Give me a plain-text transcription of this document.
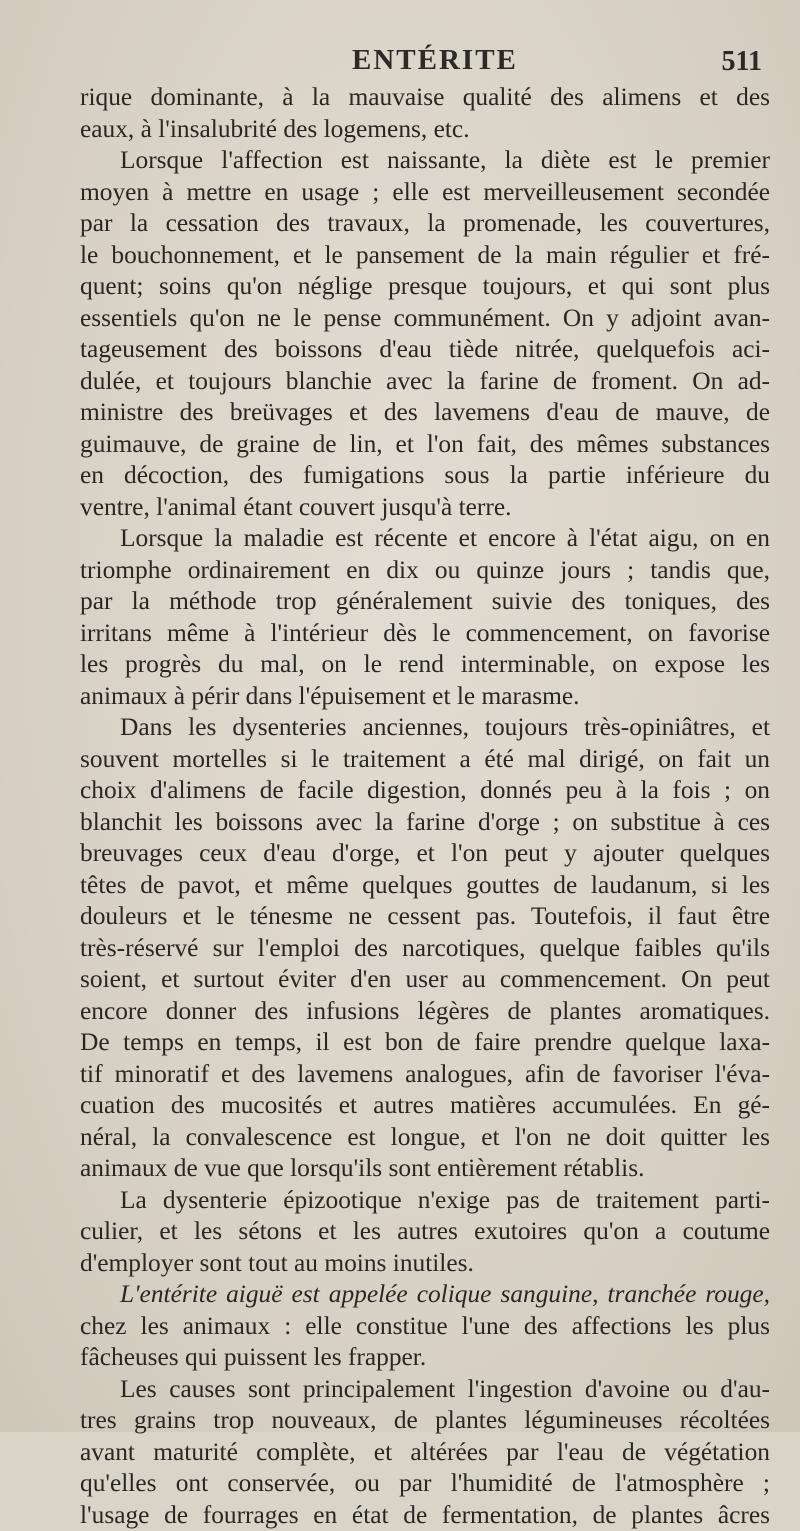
ENTÉRITE	511

rique dominante, à la mauvaise qualité des alimens et des
eaux, à l'insalubrité des logemens, etc.

Lorsque l'affection est naissante, la diète est le premier
moyen à mettre en usage ; elle est merveilleusement secondée
par la cessation des travaux, la promenade, les couvertures,
le bouchonnement, et le pansement de la main régulier et fré-
quent; soins qu'on néglige presque toujours, et qui sont plus
essentiels qu'on ne le pense communément. On y adjoint avan-
tageusement des boissons d'eau tiède nitrée, quelquefois aci-
dulée, et toujours blanchie avec la farine de froment. On ad-
ministre des breüvages et des lavemens d'eau de mauve, de
guimauve, de graine de lin, et l'on fait, des mêmes substances
en décoction, des fumigations sous la partie inférieure du
ventre, l'animal étant couvert jusqu'à terre.

Lorsque la maladie est récente et encore à l'état aigu, on en
triomphe ordinairement en dix ou quinze jours ; tandis que,
par la méthode trop généralement suivie des toniques, des
irritans même à l'intérieur dès le commencement, on favorise
les progrès du mal, on le rend interminable, on expose les
animaux à périr dans l'épuisement et le marasme.

Dans les dysenteries anciennes, toujours très-opiniâtres, et
souvent mortelles si le traitement a été mal dirigé, on fait un
choix d'alimens de facile digestion, donnés peu à la fois ; on
blanchit les boissons avec la farine d'orge ; on substitue à ces
breuvages ceux d'eau d'orge, et l'on peut y ajouter quelques
têtes de pavot, et même quelques gouttes de laudanum, si les
douleurs et le ténesme ne cessent pas. Toutefois, il faut être
très-réservé sur l'emploi des narcotiques, quelque faibles qu'ils
soient, et surtout éviter d'en user au commencement. On peut
encore donner des infusions légères de plantes aromatiques.
De temps en temps, il est bon de faire prendre quelque laxa-
tif minoratif et des lavemens analogues, afin de favoriser l'éva-
cuation des mucosités et autres matières accumulées. En gé-
néral, la convalescence est longue, et l'on ne doit quitter les
animaux de vue que lorsqu'ils sont entièrement rétablis.

La dysenterie épizootique n'exige pas de traitement parti-
culier, et les sétons et les autres exutoires qu'on a coutume
d'employer sont tout au moins inutiles.

L'entérite aiguë est appelée colique sanguine, tranchée rouge,
chez les animaux : elle constitue l'une des affections les plus
fâcheuses qui puissent les frapper.

Les causes sont principalement l'ingestion d'avoine ou d'au-
tres grains trop nouveaux, de plantes légumineuses récoltées
avant maturité complète, et altérées par l'eau de végétation
qu'elles ont conservée, ou par l'humidité de l'atmosphère ;
l'usage de fourrages en état de fermentation, de plantes âcres
